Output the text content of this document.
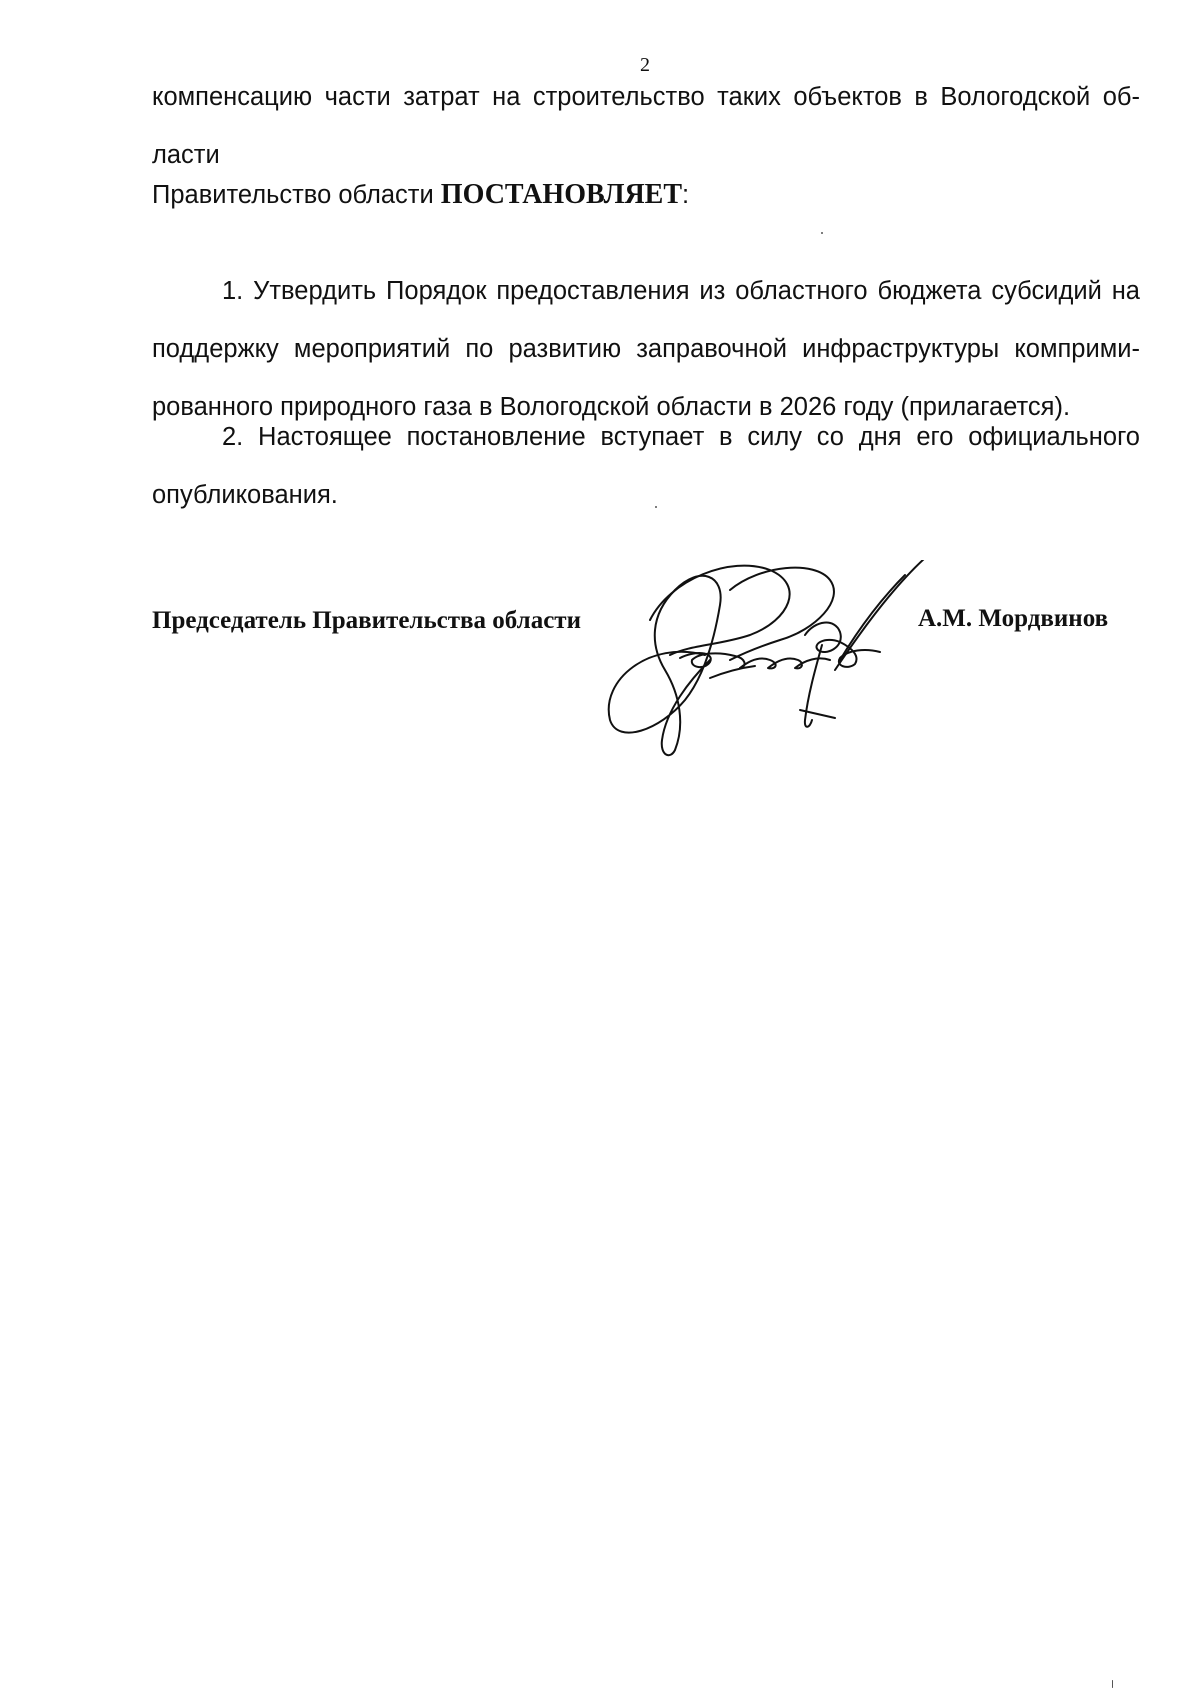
2
компенсацию части затрат на строительство таких объектов в Вологодской об-
ласти
Правительство области ПОСТАНОВЛЯЕТ:
1. Утвердить Порядок предоставления из областного бюджета субсидий на
поддержку мероприятий по развитию заправочной инфраструктуры комприми-
рованного природного газа в Вологодской области в 2026 году (прилагается).
2. Настоящее постановление вступает в силу со дня его официального
опубликования.
Председатель Правительства области	А.М. Мордвинов
